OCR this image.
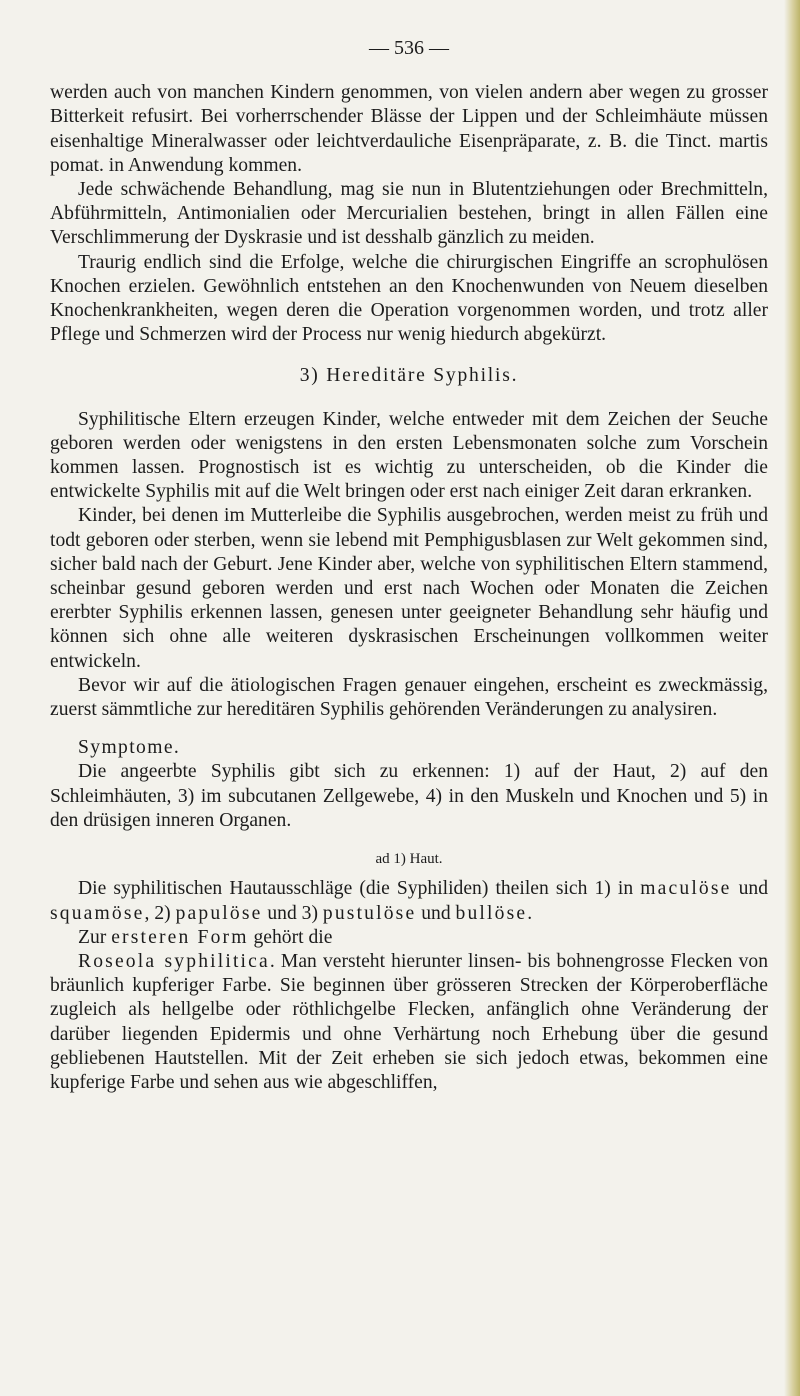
— 536 —

werden auch von manchen Kindern genommen, von vielen andern aber wegen zu grosser Bitterkeit refusirt. Bei vorherrschender Blässe der Lippen und der Schleimhäute müssen eisenhaltige Mineralwasser oder leichtverdauliche Eisenpräparate, z. B. die Tinct. martis pomat. in Anwendung kommen.

Jede schwächende Behandlung, mag sie nun in Blutentziehungen oder Brechmitteln, Abführmitteln, Antimonialien oder Mercurialien bestehen, bringt in allen Fällen eine Verschlimmerung der Dyskrasie und ist desshalb gänzlich zu meiden.

Traurig endlich sind die Erfolge, welche die chirurgischen Eingriffe an scrophulösen Knochen erzielen. Gewöhnlich entstehen an den Knochenwunden von Neuem dieselben Knochenkrankheiten, wegen deren die Operation vorgenommen worden, und trotz aller Pflege und Schmerzen wird der Process nur wenig hiedurch abgekürzt.

3) Hereditäre Syphilis.

Syphilitische Eltern erzeugen Kinder, welche entweder mit dem Zeichen der Seuche geboren werden oder wenigstens in den ersten Lebensmonaten solche zum Vorschein kommen lassen. Prognostisch ist es wichtig zu unterscheiden, ob die Kinder die entwickelte Syphilis mit auf die Welt bringen oder erst nach einiger Zeit daran erkranken.

Kinder, bei denen im Mutterleibe die Syphilis ausgebrochen, werden meist zu früh und todt geboren oder sterben, wenn sie lebend mit Pemphigusblasen zur Welt gekommen sind, sicher bald nach der Geburt. Jene Kinder aber, welche von syphilitischen Eltern stammend, scheinbar gesund geboren werden und erst nach Wochen oder Monaten die Zeichen ererbter Syphilis erkennen lassen, genesen unter geeigneter Behandlung sehr häufig und können sich ohne alle weiteren dyskrasischen Erscheinungen vollkommen weiter entwickeln.

Bevor wir auf die ätiologischen Fragen genauer eingehen, erscheint es zweckmässig, zuerst sämmtliche zur hereditären Syphilis gehörenden Veränderungen zu analysiren.

Symptome.

Die angeerbte Syphilis gibt sich zu erkennen: 1) auf der Haut, 2) auf den Schleimhäuten, 3) im subcutanen Zellgewebe, 4) in den Muskeln und Knochen und 5) in den drüsigen inneren Organen.

ad 1) Haut.

Die syphilitischen Hautausschläge (die Syphiliden) theilen sich 1) in maculöse und squamöse, 2) papulöse und 3) pustulöse und bullöse.

Zur ersteren Form gehört die

Roseola syphilitica. Man versteht hierunter linsen- bis bohnengrosse Flecken von bräunlich kupferiger Farbe. Sie beginnen über grösseren Strecken der Körperoberfläche zugleich als hellgelbe oder röthlichgelbe Flecken, anfänglich ohne Veränderung der darüber liegenden Epidermis und ohne Verhärtung noch Erhebung über die gesund gebliebenen Hautstellen. Mit der Zeit erheben sie sich jedoch etwas, bekommen eine kupferige Farbe und sehen aus wie abgeschliffen,
